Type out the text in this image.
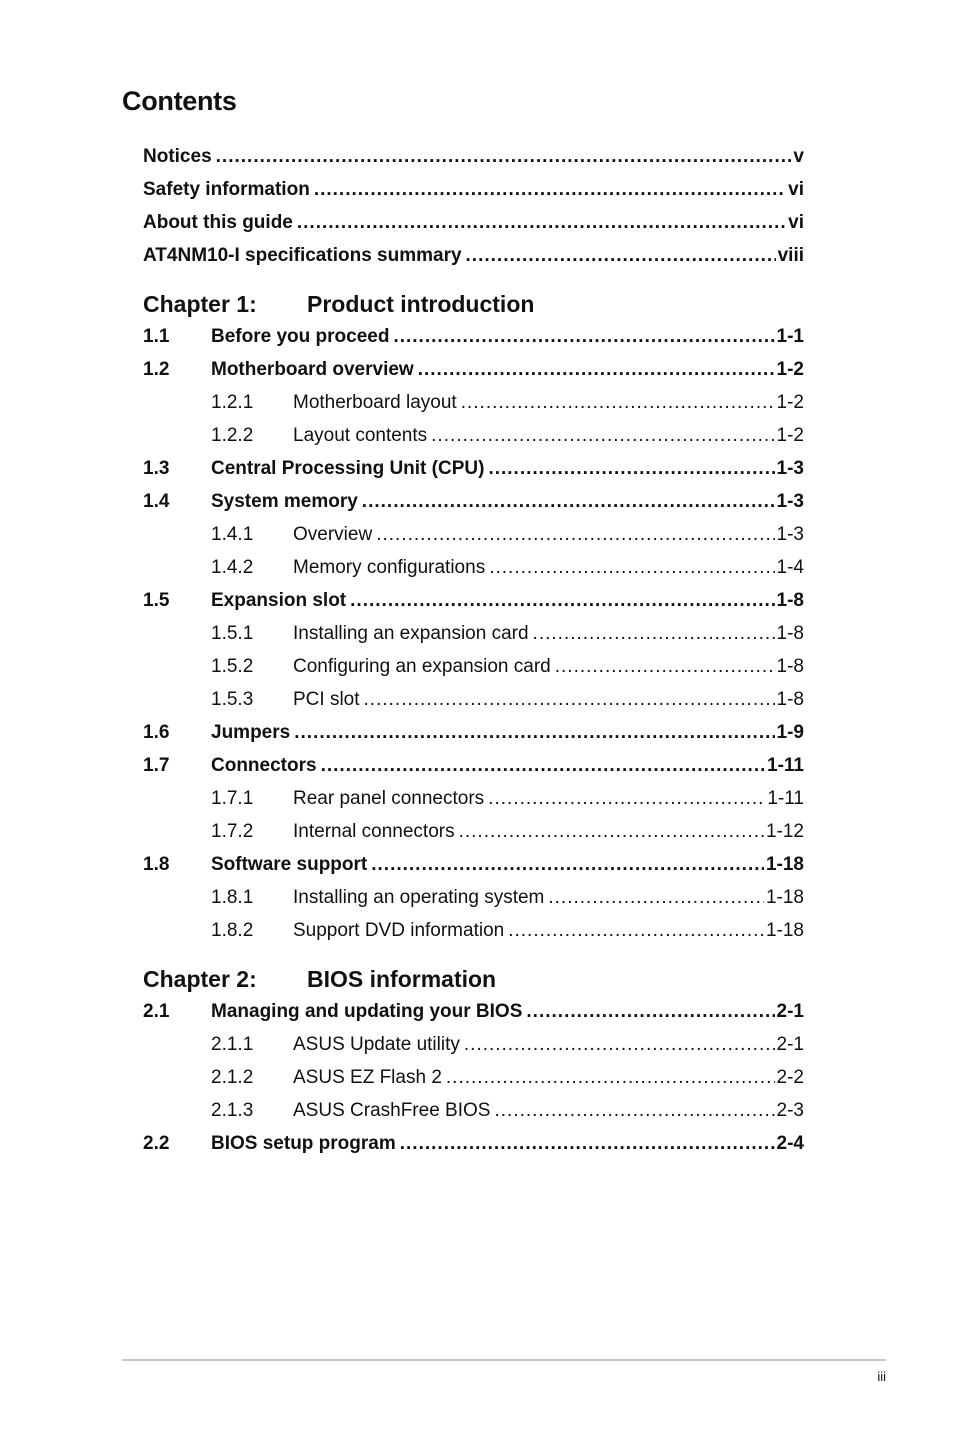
Contents
Notices .....	v
Safety information .....	vi
About this guide .....	vi
AT4NM10-I specifications summary .....	viii
Chapter 1:	Product introduction
1.1	Before you proceed .....	1-1
1.2	Motherboard overview .....	1-2
1.2.1	Motherboard layout .....	1-2
1.2.2	Layout contents .....	1-2
1.3	Central Processing Unit (CPU) .....	1-3
1.4	System memory .....	1-3
1.4.1	Overview .....	1-3
1.4.2	Memory configurations .....	1-4
1.5	Expansion slot .....	1-8
1.5.1	Installing an expansion card .....	1-8
1.5.2	Configuring an expansion card .....	1-8
1.5.3	PCI slot .....	1-8
1.6	Jumpers .....	1-9
1.7	Connectors .....	1-11
1.7.1	Rear panel connectors .....	1-11
1.7.2	Internal connectors .....	1-12
1.8	Software support .....	1-18
1.8.1	Installing an operating system .....	1-18
1.8.2	Support DVD information .....	1-18
Chapter 2:	BIOS information
2.1	Managing and updating your BIOS .....	2-1
2.1.1	ASUS Update utility .....	2-1
2.1.2	ASUS EZ Flash 2 .....	2-2
2.1.3	ASUS CrashFree BIOS .....	2-3
2.2	BIOS setup program .....	2-4
iii
